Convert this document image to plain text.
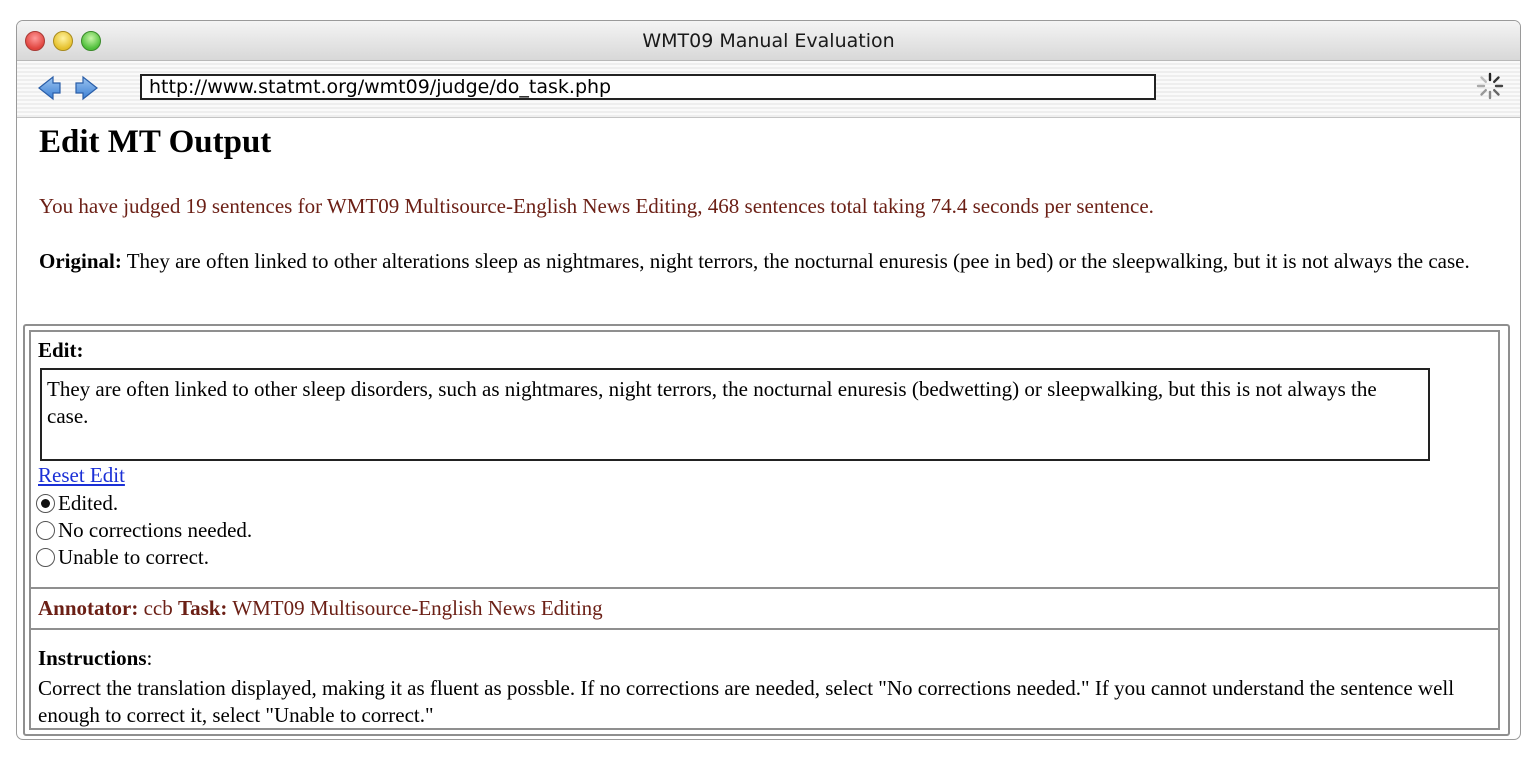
WMT09 Manual Evaluation
http://www.statmt.org/wmt09/judge/do_task.php
Edit MT Output
You have judged 19 sentences for WMT09 Multisource-English News Editing, 468 sentences total taking 74.4 seconds per sentence.
Original: They are often linked to other alterations sleep as nightmares, night terrors, the nocturnal enuresis (pee in bed) or the sleepwalking, but it is not always the case.
Edit:
They are often linked to other sleep disorders, such as nightmares, night terrors, the nocturnal enuresis (bedwetting) or sleepwalking, but this is not always the case.
Reset Edit
Edited.
No corrections needed.
Unable to correct.
Annotator: ccb Task: WMT09 Multisource-English News Editing
Instructions:
Correct the translation displayed, making it as fluent as possble. If no corrections are needed, select "No corrections needed." If you cannot understand the sentence well enough to correct it, select "Unable to correct."
